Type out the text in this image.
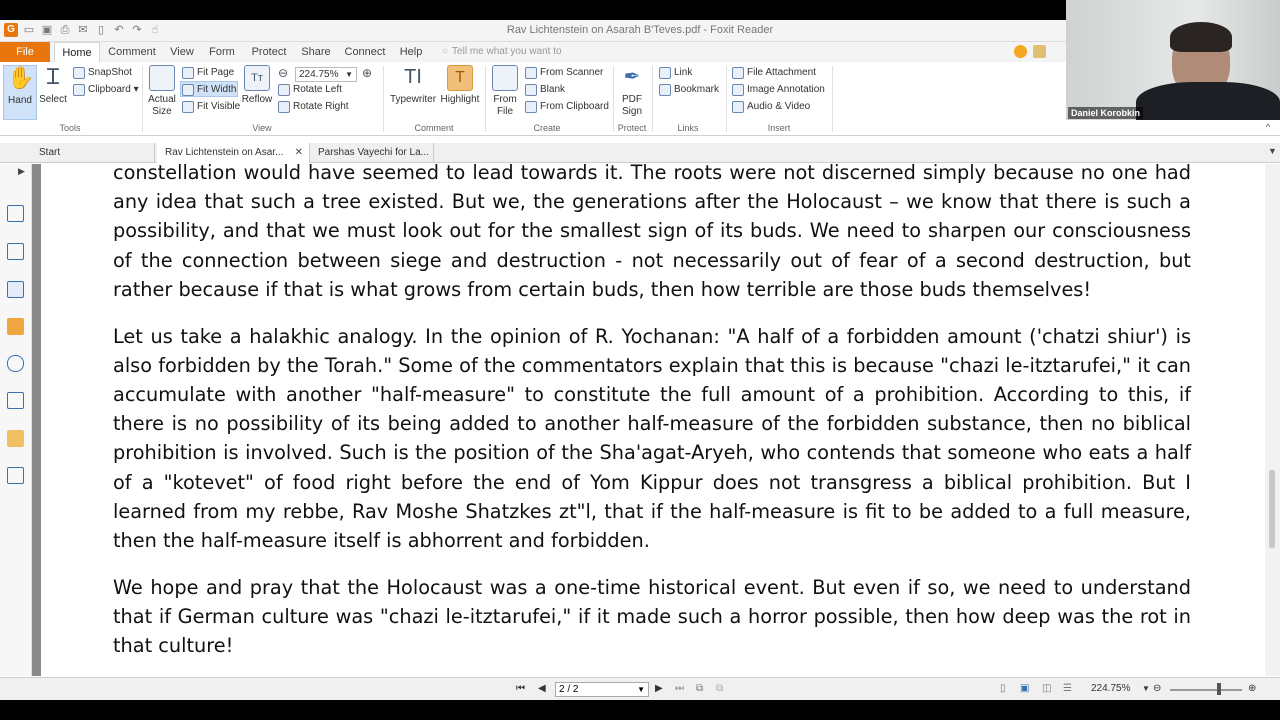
G ▭ ▣ ⎙ ✉ ▯ ↶ ↷ ☝	Rav Lichtenstein on Asarah B'Teves.pdf - Foxit Reader
File	Home	Comment	View	Form	Protect	Share	Connect	Help	○ Tell me what you want to
✋
Hand
Ɪ
Select
SnapShot
Clipboard ▾
Tools
Actual
Size
Fit Page
Fit Width
Fit Visible
Tт
Reflow
⊖	224.75% ▼ ⊕
Rotate Left
Rotate Right
View
TI
Typewriter
T
Highlight
Comment
From
File
From Scanner
Blank
From Clipboard
Create
✒
PDF
Sign
Protect
Link
Bookmark
Links
File Attachment
Image Annotation
Audio & Video
Insert	^
Start	Rav Lichtenstein on Asar... ✕	Parshas Vayechi for La...	▼
▶	constellation would have seemed to lead towards it. The roots were not discerned simply because no one had any idea that such a tree existed. But we, the generations after the Holocaust – we know that there is such a possibility, and that we must look out for the smallest sign of its buds. We need to sharpen our consciousness of the connection between siege and destruction - not necessarily out of fear of a second destruction, but rather because if that is what grows from certain buds, then how terrible are those buds themselves!

Let us take a halakhic analogy. In the opinion of R. Yochanan: "A half of a forbidden amount ('chatzi shiur') is also forbidden by the Torah." Some of the commentators explain that this is because "chazi le-itztarufei," it can accumulate with another "half-measure" to constitute the full amount of a prohibition. According to this, if there is no possibility of its being added to another half-measure of the forbidden substance, then no biblical prohibition is involved. Such is the position of the Sha'agat-Aryeh, who contends that someone who eats a half of a "kotevet" of food right before the end of Yom Kippur does not transgress a biblical prohibition. But I learned from my rebbe, Rav Moshe Shatzkes zt"l, that if the half-measure is fit to be added to a full measure, then the half-measure itself is abhorrent and forbidden.

We hope and pray that the Holocaust was a one-time historical event. But even if so, we need to understand that if German culture was "chazi le-itztarufei," if it made such a horror possible, then how deep was the rot in that culture!

⏮ ◀	2 / 2	▼ ▶ ⏭ ⧉ ⧉	▯ ▣ ◫ ☰ 224.75% ▼ ⊖	⊕
Daniel Korobkin
